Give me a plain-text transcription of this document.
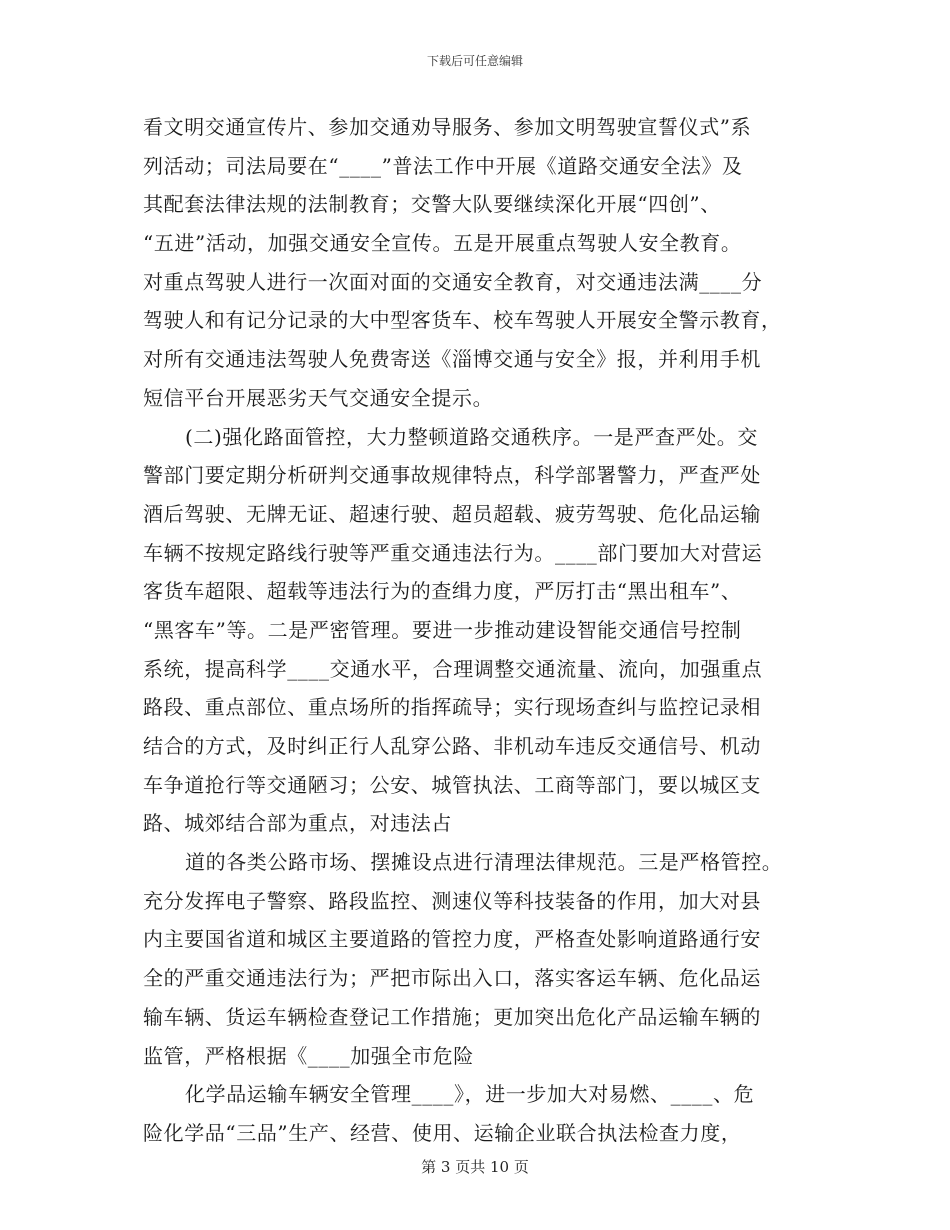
下载后可任意编辑
看文明交通宣传片、参加交通劝导服务、参加文明驾驶宣誓仪式”系
列活动；司法局要在“____”普法工作中开展《道路交通安全法》及
其配套法律法规的法制教育；交警大队要继续深化开展“四创”、
“五进”活动，加强交通安全宣传。五是开展重点驾驶人安全教育。
对重点驾驶人进行一次面对面的交通安全教育，对交通违法满____分
驾驶人和有记分记录的大中型客货车、校车驾驶人开展安全警示教育，
对所有交通违法驾驶人免费寄送《淄博交通与安全》报，并利用手机
短信平台开展恶劣天气交通安全提示。
(二)强化路面管控，大力整顿道路交通秩序。一是严查严处。交
警部门要定期分析研判交通事故规律特点，科学部署警力，严查严处
酒后驾驶、无牌无证、超速行驶、超员超载、疲劳驾驶、危化品运输
车辆不按规定路线行驶等严重交通违法行为。____部门要加大对营运
客货车超限、超载等违法行为的查缉力度，严厉打击“黑出租车”、
“黑客车”等。二是严密管理。要进一步推动建设智能交通信号控制
系统，提高科学____交通水平，合理调整交通流量、流向，加强重点
路段、重点部位、重点场所的指挥疏导；实行现场查纠与监控记录相
结合的方式，及时纠正行人乱穿公路、非机动车违反交通信号、机动
车争道抢行等交通陋习；公安、城管执法、工商等部门，要以城区支
路、城郊结合部为重点，对违法占
道的各类公路市场、摆摊设点进行清理法律规范。三是严格管控。
充分发挥电子警察、路段监控、测速仪等科技装备的作用，加大对县
内主要国省道和城区主要道路的管控力度，严格查处影响道路通行安
全的严重交通违法行为；严把市际出入口，落实客运车辆、危化品运
输车辆、货运车辆检查登记工作措施；更加突出危化产品运输车辆的
监管，严格根据《____加强全市危险
化学品运输车辆安全管理____》，进一步加大对易燃、____、危
险化学品“三品”生产、经营、使用、运输企业联合执法检查力度，
第 3 页共 10 页
